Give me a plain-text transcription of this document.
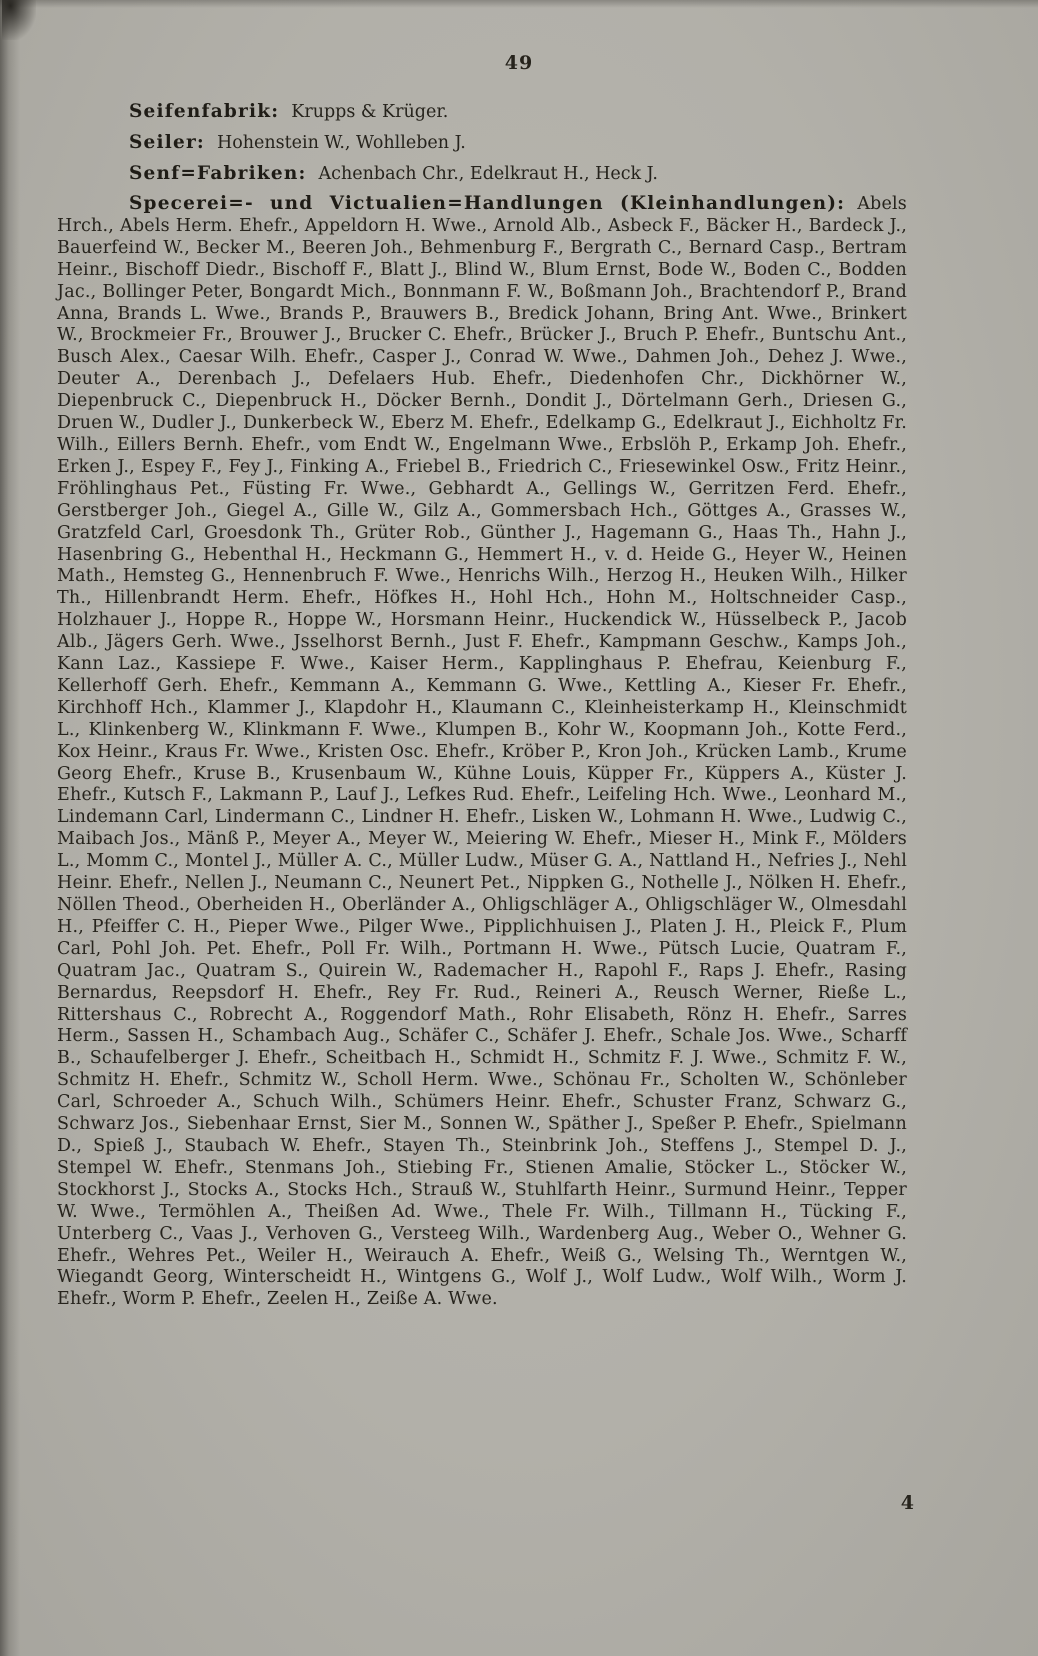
49

Seifenfabrik: Krupps & Krüger.

Seiler: Hohenstein W., Wohlleben J.

Senf=Fabriken: Achenbach Chr., Edelkraut H., Heck J.

Specerei=- und Victualien=Handlungen (Kleinhandlungen): Abels Hrch., Abels Herm. Ehefr., Appeldorn H. Wwe., Arnold Alb., Asbeck F., Bäcker H., Bardeck J., Bauerfeind W., Becker M., Beeren Joh., Behmenburg F., Bergrath C., Bernard Casp., Bertram Heinr., Bischoff Diedr., Bischoff F., Blatt J., Blind W., Blum Ernst, Bode W., Boden C., Bodden Jac., Bollinger Peter, Bongardt Mich., Bonnmann F. W., Boßmann Joh., Brachtendorf P., Brand Anna, Brands L. Wwe., Brands P., Brauwers B., Bredick Johann, Bring Ant. Wwe., Brinkert W., Brockmeier Fr., Brouwer J., Brucker C. Ehefr., Brücker J., Bruch P. Ehefr., Buntschu Ant., Busch Alex., Caesar Wilh. Ehefr., Casper J., Conrad W. Wwe., Dahmen Joh., Dehez J. Wwe., Deuter A., Derenbach J., Defelaers Hub. Ehefr., Diedenhofen Chr., Dickhörner W., Diepenbruck C., Diepenbruck H., Döcker Bernh., Dondit J., Dörtelmann Gerh., Driesen G., Druen W., Dudler J., Dunkerbeck W., Eberz M. Ehefr., Edelkamp G., Edelkraut J., Eichholtz Fr. Wilh., Eillers Bernh. Ehefr., vom Endt W., Engelmann Wwe., Erbslöh P., Erkamp Joh. Ehefr., Erken J., Espey F., Fey J., Finking A., Friebel B., Friedrich C., Friesewinkel Osw., Fritz Heinr., Fröhlinghaus Pet., Füsting Fr. Wwe., Gebhardt A., Gellings W., Gerritzen Ferd. Ehefr., Gerstberger Joh., Giegel A., Gille W., Gilz A., Gommersbach Hch., Göttges A., Grasses W., Gratzfeld Carl, Groesdonk Th., Grüter Rob., Günther J., Hagemann G., Haas Th., Hahn J., Hasenbring G., Hebenthal H., Heckmann G., Hemmert H., v. d. Heide G., Heyer W., Heinen Math., Hemsteg G., Hennenbruch F. Wwe., Henrichs Wilh., Herzog H., Heuken Wilh., Hilker Th., Hillenbrandt Herm. Ehefr., Höfkes H., Hohl Hch., Hohn M., Holtschneider Casp., Holzhauer J., Hoppe R., Hoppe W., Horsmann Heinr., Huckendick W., Hüsselbeck P., Jacob Alb., Jägers Gerh. Wwe., Jsselhorst Bernh., Just F. Ehefr., Kampmann Geschw., Kamps Joh., Kann Laz., Kassiepe F. Wwe., Kaiser Herm., Kapplinghaus P. Ehefrau, Keienburg F., Kellerhoff Gerh. Ehefr., Kemmann A., Kemmann G. Wwe., Kettling A., Kieser Fr. Ehefr., Kirchhoff Hch., Klammer J., Klapdohr H., Klaumann C., Kleinheisterkamp H., Kleinschmidt L., Klinkenberg W., Klinkmann F. Wwe., Klumpen B., Kohr W., Koopmann Joh., Kotte Ferd., Kox Heinr., Kraus Fr. Wwe., Kristen Osc. Ehefr., Kröber P., Kron Joh., Krücken Lamb., Krume Georg Ehefr., Kruse B., Krusenbaum W., Kühne Louis, Küpper Fr., Küppers A., Küster J. Ehefr., Kutsch F., Lakmann P., Lauf J., Lefkes Rud. Ehefr., Leifeling Hch. Wwe., Leonhard M., Lindemann Carl, Lindermann C., Lindner H. Ehefr., Lisken W., Lohmann H. Wwe., Ludwig C., Maibach Jos., Mänß P., Meyer A., Meyer W., Meiering W. Ehefr., Mieser H., Mink F., Mölders L., Momm C., Montel J., Müller A. C., Müller Ludw., Müser G. A., Nattland H., Nefries J., Nehl Heinr. Ehefr., Nellen J., Neumann C., Neunert Pet., Nippken G., Nothelle J., Nölken H. Ehefr., Nöllen Theod., Oberheiden H., Oberländer A., Ohligschläger A., Ohligschläger W., Olmesdahl H., Pfeiffer C. H., Pieper Wwe., Pilger Wwe., Pipplichhuisen J., Platen J. H., Pleick F., Plum Carl, Pohl Joh. Pet. Ehefr., Poll Fr. Wilh., Portmann H. Wwe., Pütsch Lucie, Quatram F., Quatram Jac., Quatram S., Quirein W., Rademacher H., Rapohl F., Raps J. Ehefr., Rasing Bernardus, Reepsdorf H. Ehefr., Rey Fr. Rud., Reineri A., Reusch Werner, Rieße L., Rittershaus C., Robrecht A., Roggendorf Math., Rohr Elisabeth, Rönz H. Ehefr., Sarres Herm., Sassen H., Schambach Aug., Schäfer C., Schäfer J. Ehefr., Schale Jos. Wwe., Scharff B., Schaufelberger J. Ehefr., Scheitbach H., Schmidt H., Schmitz F. J. Wwe., Schmitz F. W., Schmitz H. Ehefr., Schmitz W., Scholl Herm. Wwe., Schönau Fr., Scholten W., Schönleber Carl, Schroeder A., Schuch Wilh., Schümers Heinr. Ehefr., Schuster Franz, Schwarz G., Schwarz Jos., Siebenhaar Ernst, Sier M., Sonnen W., Späther J., Speßer P. Ehefr., Spielmann D., Spieß J., Staubach W. Ehefr., Stayen Th., Steinbrink Joh., Steffens J., Stempel D. J., Stempel W. Ehefr., Stenmans Joh., Stiebing Fr., Stienen Amalie, Stöcker L., Stöcker W., Stockhorst J., Stocks A., Stocks Hch., Strauß W., Stuhlfarth Heinr., Surmund Heinr., Tepper W. Wwe., Termöhlen A., Theißen Ad. Wwe., Thele Fr. Wilh., Tillmann H., Tücking F., Unterberg C., Vaas J., Verhoven G., Versteeg Wilh., Wardenberg Aug., Weber O., Wehner G. Ehefr., Wehres Pet., Weiler H., Weirauch A. Ehefr., Weiß G., Welsing Th., Werntgen W., Wiegandt Georg, Winterscheidt H., Wintgens G., Wolf J., Wolf Ludw., Wolf Wilh., Worm J. Ehefr., Worm P. Ehefr., Zeelen H., Zeiße A. Wwe.

4
